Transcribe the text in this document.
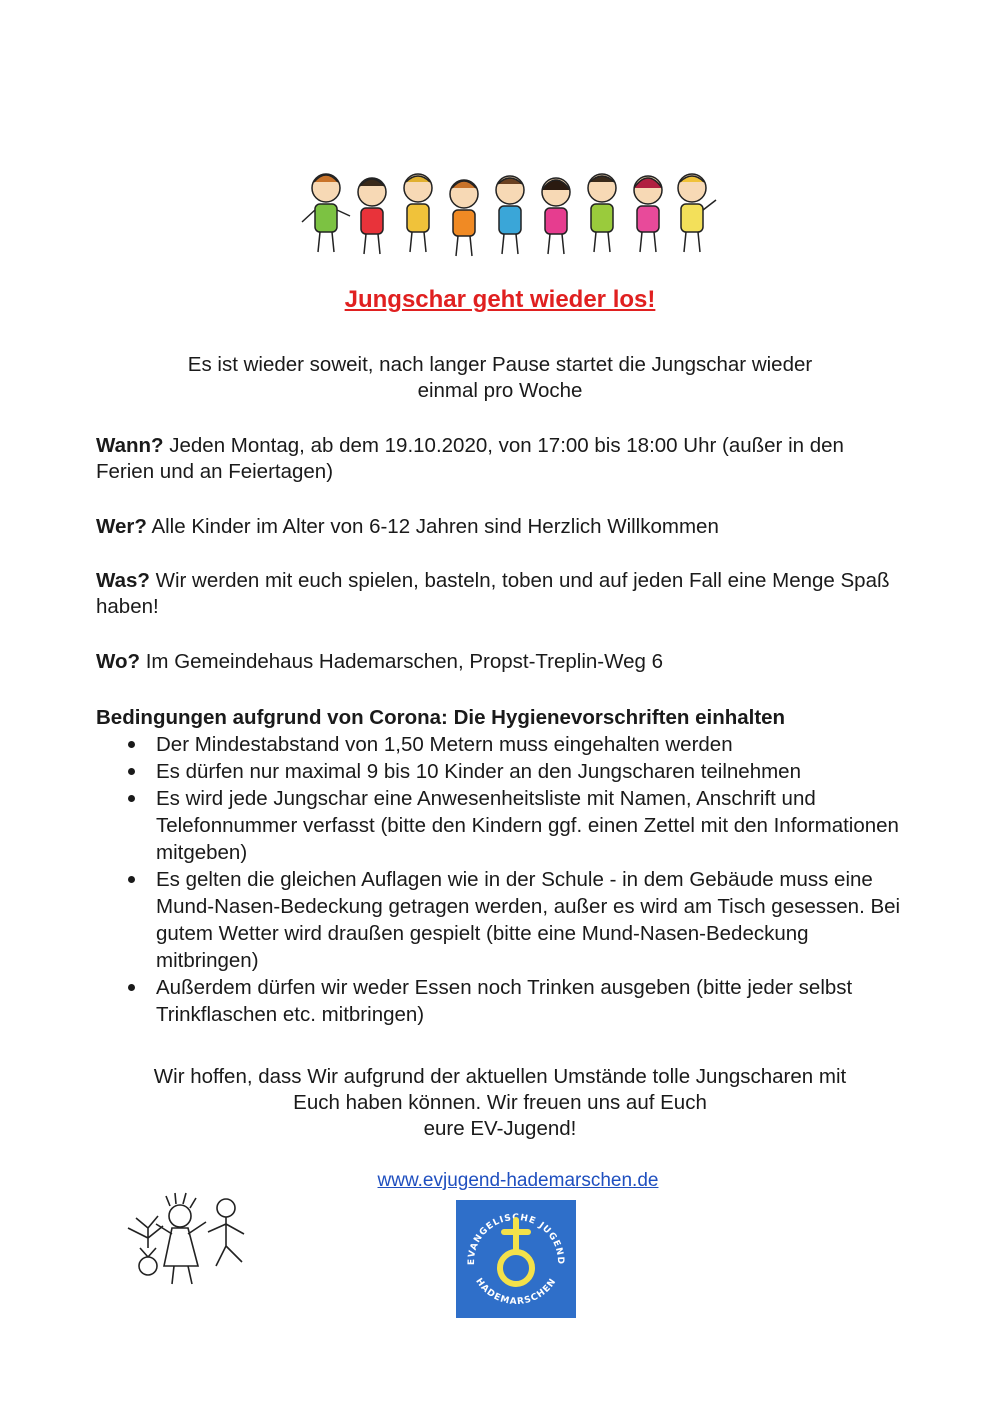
Jungschar geht wieder los!
Es ist wieder soweit, nach langer Pause startet die Jungschar wieder
einmal pro Woche
Wann? Jeden Montag, ab dem 19.10.2020, von 17:00 bis 18:00 Uhr (außer in den Ferien und an Feiertagen)
Wer? Alle Kinder im Alter von 6-12 Jahren sind Herzlich Willkommen
Was? Wir werden mit euch spielen, basteln, toben und auf jeden Fall eine Menge Spaß haben!
Wo? Im Gemeindehaus Hademarschen, Propst-Treplin-Weg 6
Bedingungen aufgrund von Corona: Die Hygienevorschriften einhalten
Der Mindestabstand von 1,50 Metern muss eingehalten werden
Es dürfen nur maximal 9 bis 10 Kinder an den Jungscharen teilnehmen
Es wird jede Jungschar eine Anwesenheitsliste mit Namen, Anschrift und Telefonnummer verfasst (bitte den Kindern ggf. einen Zettel mit den Informationen mitgeben)
Es gelten die gleichen Auflagen wie in der Schule - in dem Gebäude muss eine Mund-Nasen-Bedeckung getragen werden, außer es wird am Tisch gesessen. Bei gutem Wetter wird draußen gespielt (bitte eine Mund-Nasen-Bedeckung mitbringen)
Außerdem dürfen wir weder Essen noch Trinken ausgeben (bitte jeder selbst Trinkflaschen etc. mitbringen)
Wir hoffen, dass Wir aufgrund der aktuellen Umstände tolle Jungscharen mit
Euch haben können. Wir freuen uns auf Euch
eure EV-Jugend!
www.evjugend-hademarschen.de
EVANGELISCHE JUGEND
HADEMARSCHEN
